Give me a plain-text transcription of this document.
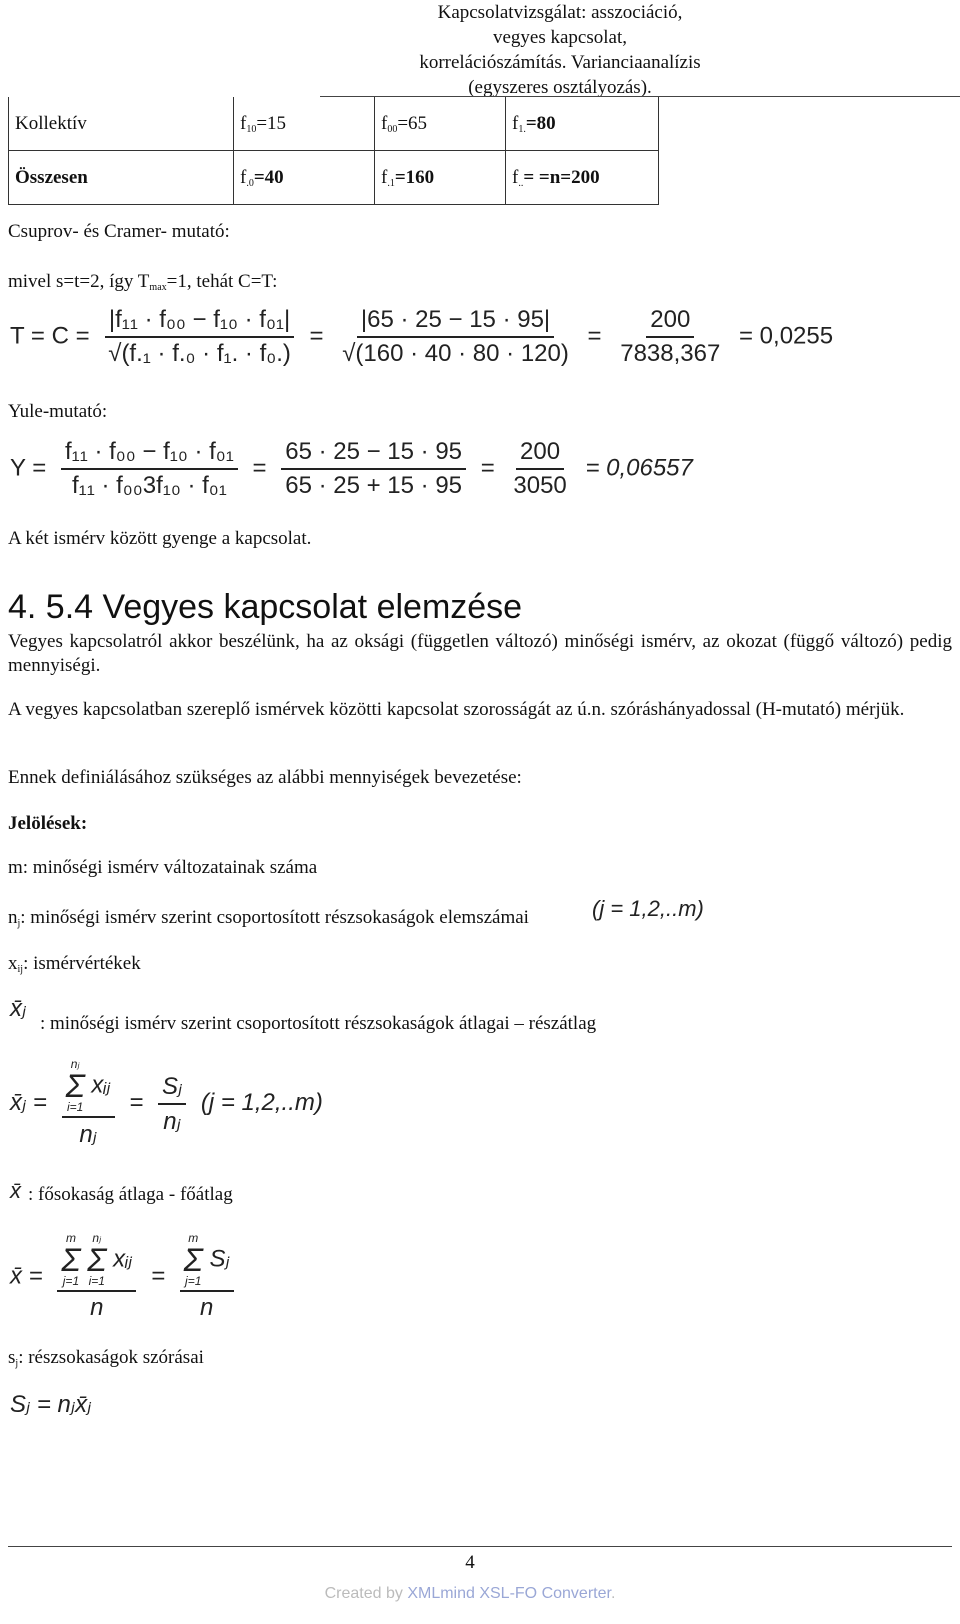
Kapcsolatvizsgálat: asszociáció,
vegyes kapcsolat,
korrelációszámítás. Varianciaanalízis
(egyszeres osztályozás).
Kollektív	$f_{10}=15$	$f_{00}=65$	$f_{1.}=80$
Összesen	$f_{.0}=40$	$f_{.1}=160$	$f_{..}= =n=200$
Csuprov- és Cramer- mutató:
mivel s=t=2, így $T_{max}=1$, tehát C=T:
$T = C = \frac{\text{|f₁₁ · f₀₀ − f₁₀ · f₀₁|}}{\text{√(f.₁ · f.₀ · f₁. · f₀.)}} = \frac{|65 \cdot 25 - 15 \cdot 95|}{√(160 \cdot 40 \cdot 80 \cdot 120)} = \frac{200}{7838,367} = 0,0255$
Yule-mutató:
$Y = \frac{\text{f₁₁ · f₀₀ − f₁₀ · f₀₁}}{\text{f₁₁ · f₀₀3f₁₀ · f₀₁}} = \frac{65 \cdot 25 - 15 \cdot 95}{65 \cdot 25 + 15 \cdot 95} = \frac{200}{3050} = 0,06557$
A két ismérv között gyenge a kapcsolat.
4. 5.4 Vegyes kapcsolat elemzése
Vegyes kapcsolatról akkor beszélünk, ha az oksági (független változó) minőségi ismérv, az okozat (függő változó) pedig mennyiségi.
A vegyes kapcsolatban szereplő ismérvek közötti kapcsolat szorosságát az ú.n. szóráshányadossal (H-mutató) mérjük.
Ennek definiálásához szükséges az alábbi mennyiségek bevezetése:
Jelölések:
m: minőségi ismérv változatainak száma
$n_j$: minőségi ismérv szerint csoportosított részsokaságok elemszámai	(j = 1,2,..m)
$x_{ij}$: ismérvértékek
x̄ⱼ
: minőségi ismérv szerint csoportosított részsokaságok átlagai – részátlag
x̄ⱼ = nⱼ
Σ
i=1
xᵢⱼ
nⱼ = $\frac{\text{Sⱼ}}{\text{nⱼ}} (j = 1,2,..m)$
x̄ : fősokaság átlaga - főátlag
x̄ = m
Σ
j=1

nⱼ
Σ
i=1
xᵢⱼ
n = m
Σ
j=1
Sⱼ
n
$s_j$: részsokaságok szórásai
Sⱼ = nⱼx̄ⱼ
4
Created by XMLmind XSL-FO Converter.
